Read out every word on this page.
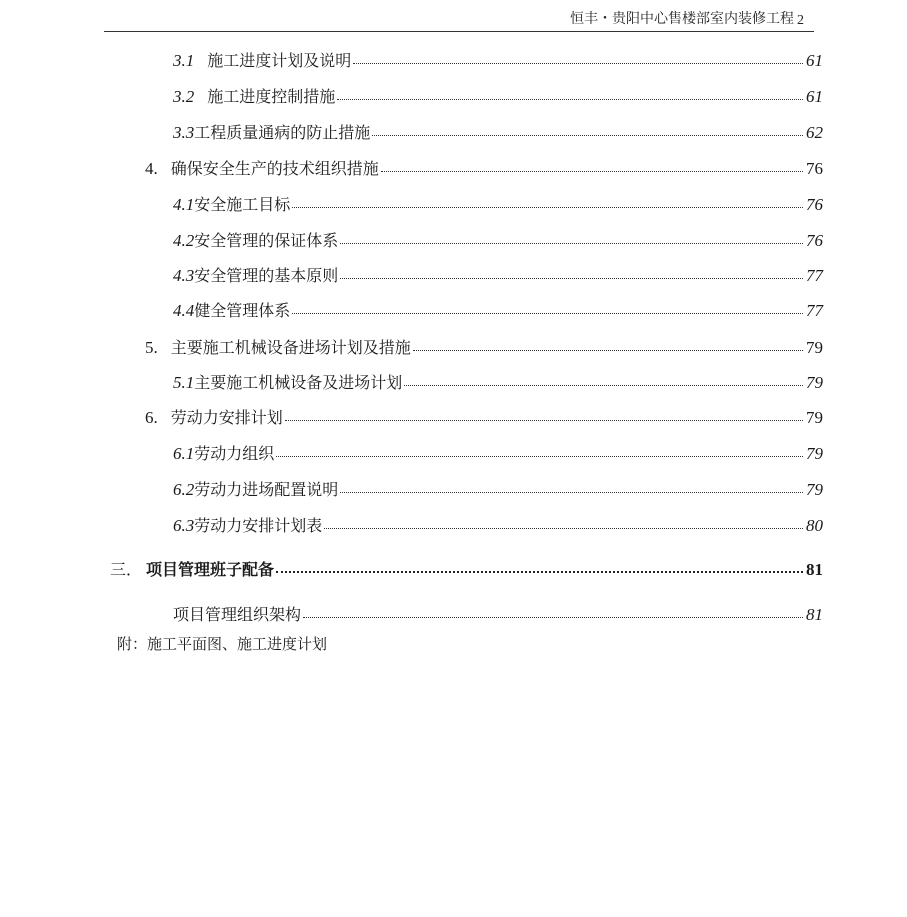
恒丰・贵阳中心售楼部室内装修工程 2
3.1 施工进度计划及说明	61
3.2 施工进度控制措施	61
3.3 工程质量通病的防止措施	62
4. 确保安全生产的技术组织措施	76
4.1 安全施工目标	76
4.2 安全管理的保证体系	76
4.3 安全管理的基本原则	77
4.4 健全管理体系	77
5. 主要施工机械设备进场计划及措施	79
5.1 主要施工机械设备及进场计划	79
6. 劳动力安排计划	79
6.1 劳动力组织	79
6.2 劳动力进场配置说明	79
6.3 劳动力安排计划表	80
三． 项目管理班子配备	81
项目管理组织架构	81
附：施工平面图、施工进度计划
